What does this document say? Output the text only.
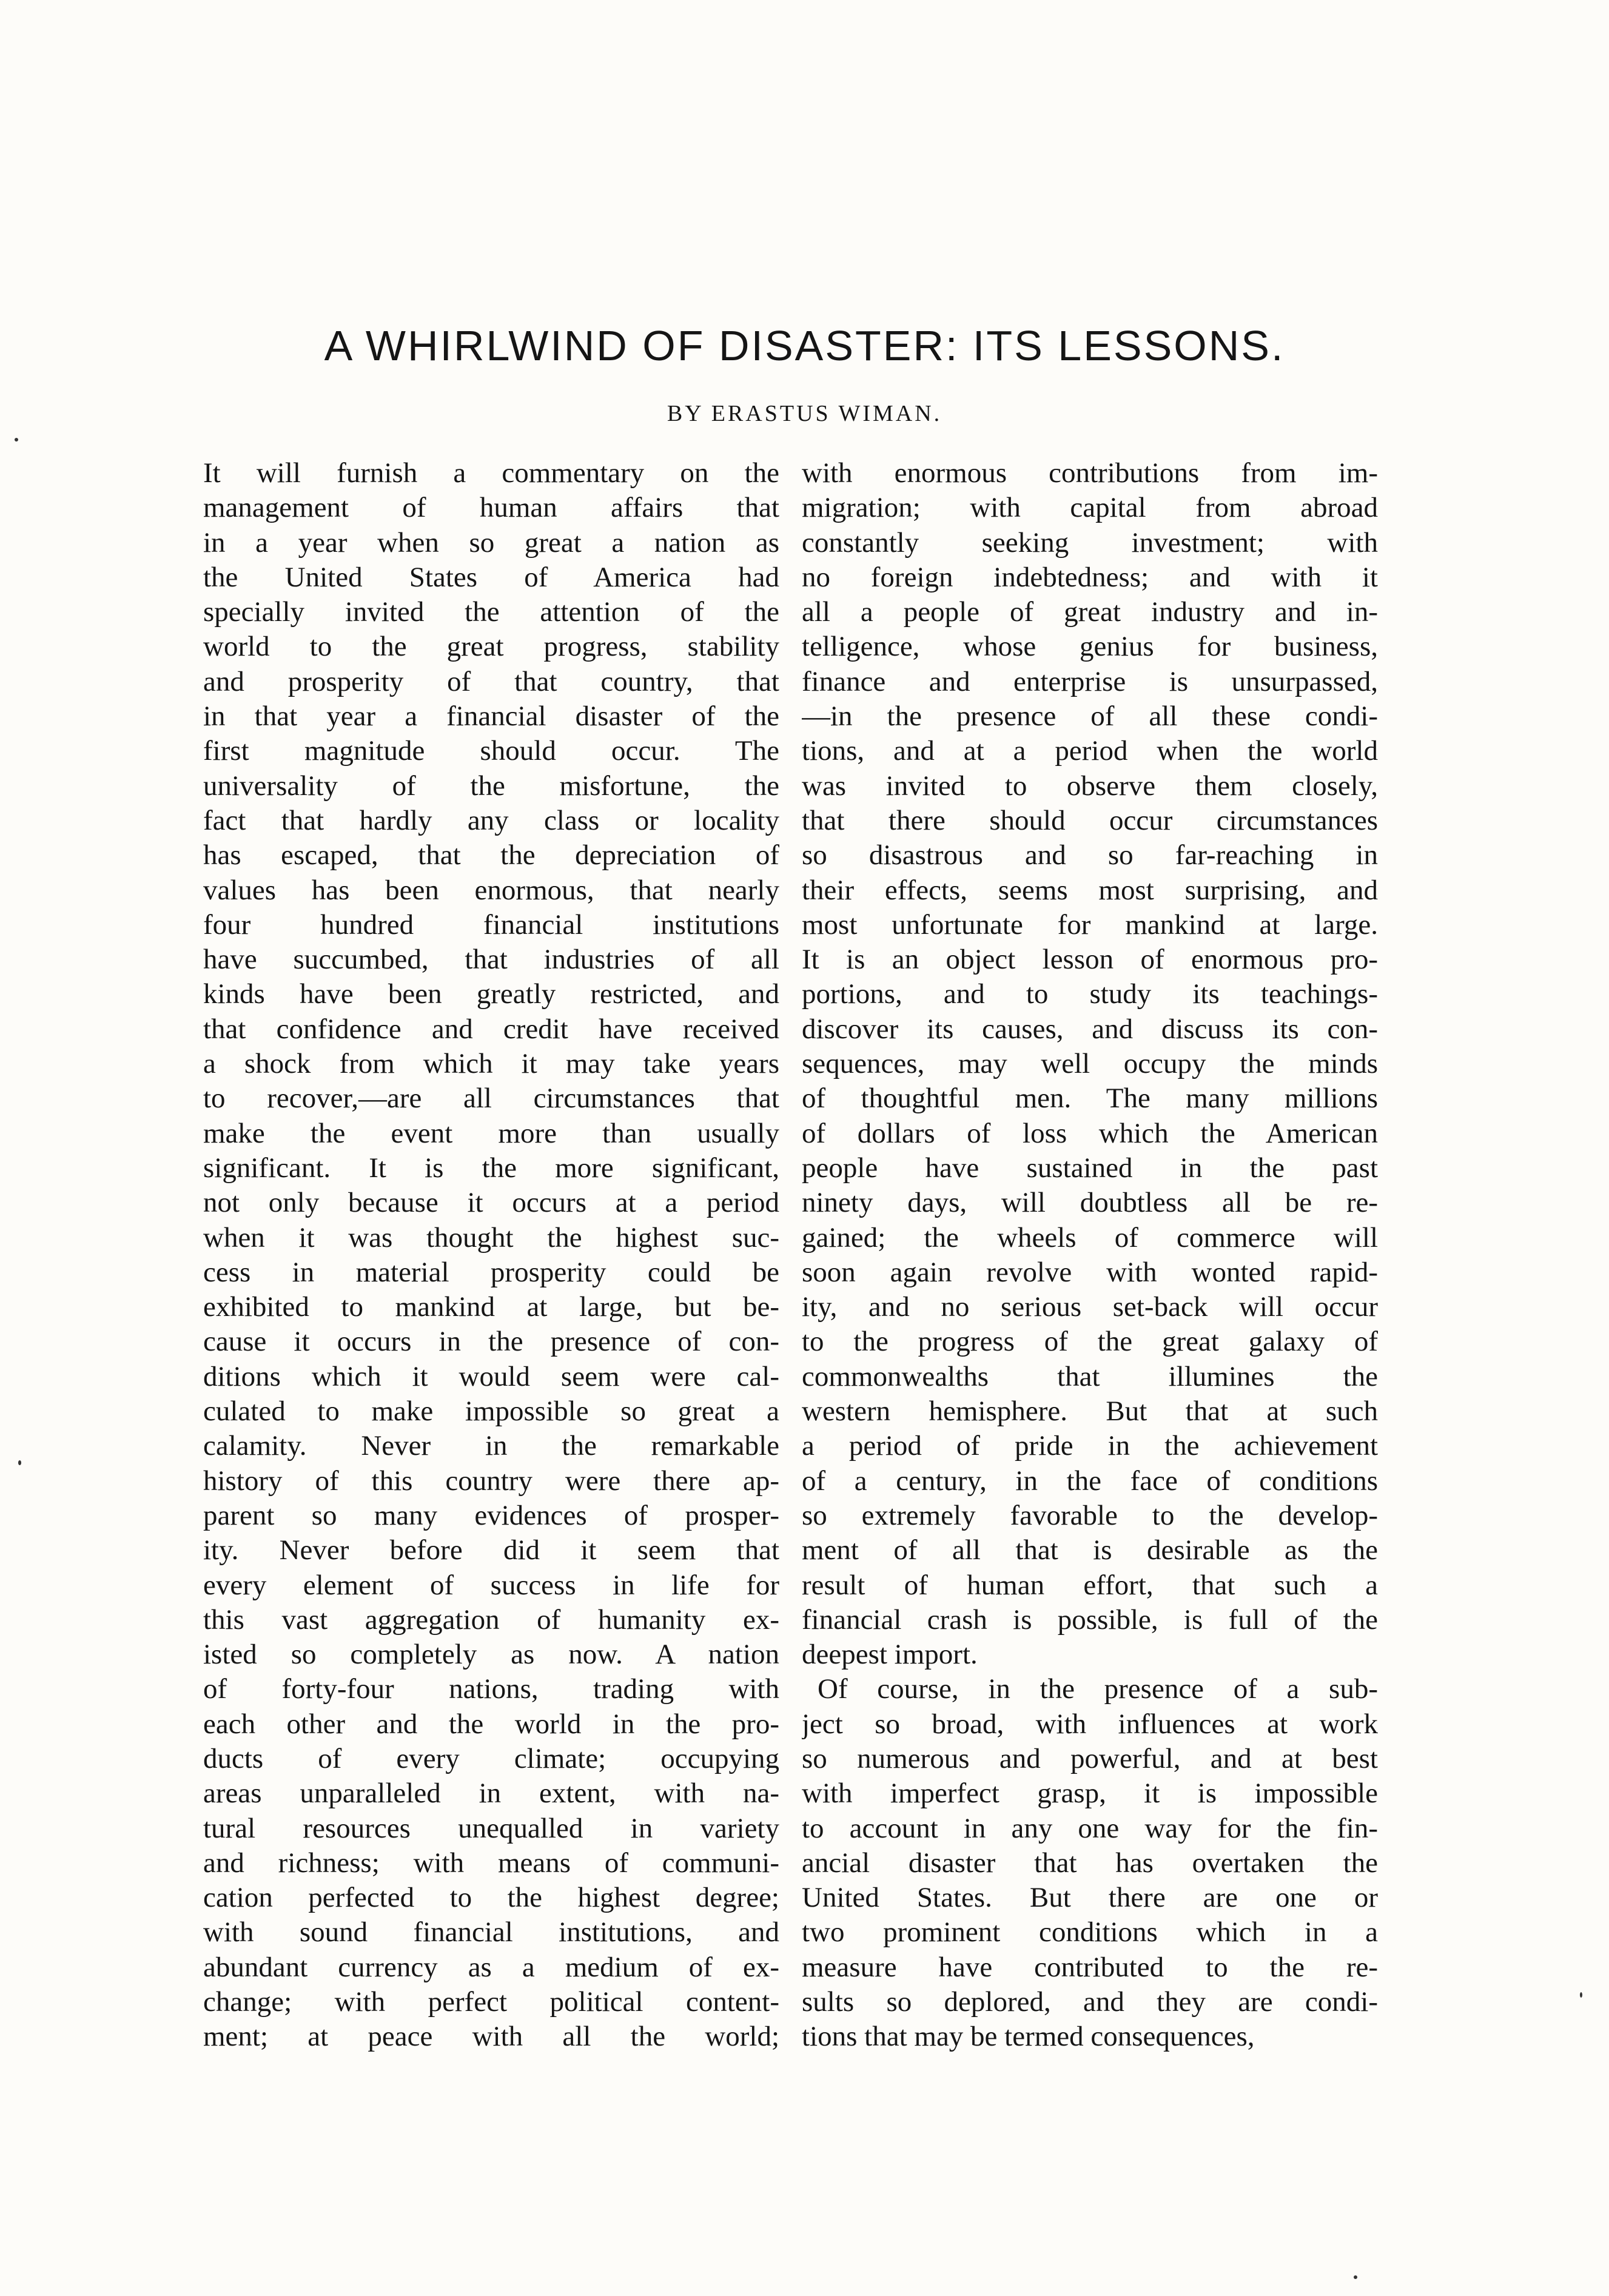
A WHIRLWIND OF DISASTER: ITS LESSONS.

BY ERASTUS WIMAN.

It will furnish a commentary on the
management of human affairs that
in a year when so great a nation as
the United States of America had
specially invited the attention of the
world to the great progress, stability
and prosperity of that country, that
in that year a financial disaster of the
first magnitude should occur. The
universality of the misfortune, the
fact that hardly any class or locality
has escaped, that the depreciation of
values has been enormous, that nearly
four hundred financial institutions
have succumbed, that industries of all
kinds have been greatly restricted, and
that confidence and credit have received
a shock from which it may take years
to recover,—are all circumstances that
make the event more than usually
significant. It is the more significant,
not only because it occurs at a period
when it was thought the highest suc-
cess in material prosperity could be
exhibited to mankind at large, but be-
cause it occurs in the presence of con-
ditions which it would seem were cal-
culated to make impossible so great a
calamity. Never in the remarkable
history of this country were there ap-
parent so many evidences of prosper-
ity. Never before did it seem that
every element of success in life for
this vast aggregation of humanity ex-
isted so completely as now. A nation
of forty-four nations, trading with
each other and the world in the pro-
ducts of every climate; occupying
areas unparalleled in extent, with na-
tural resources unequalled in variety
and richness; with means of communi-
cation perfected to the highest degree;
with sound financial institutions, and
abundant currency as a medium of ex-
change; with perfect political content-
ment; at peace with all the world;
with enormous contributions from im-
migration; with capital from abroad
constantly seeking investment; with
no foreign indebtedness; and with it
all a people of great industry and in-
telligence, whose genius for business,
finance and enterprise is unsurpassed,
—in the presence of all these condi-
tions, and at a period when the world
was invited to observe them closely,
that there should occur circumstances
so disastrous and so far-reaching in
their effects, seems most surprising, and
most unfortunate for mankind at large.
It is an object lesson of enormous pro-
portions, and to study its teachings-
discover its causes, and discuss its con-
sequences, may well occupy the minds
of thoughtful men. The many millions
of dollars of loss which the American
people have sustained in the past
ninety days, will doubtless all be re-
gained; the wheels of commerce will
soon again revolve with wonted rapid-
ity, and no serious set-back will occur
to the progress of the great galaxy of
commonwealths that illumines the
western hemisphere. But that at such
a period of pride in the achievement
of a century, in the face of conditions
so extremely favorable to the develop-
ment of all that is desirable as the
result of human effort, that such a
financial crash is possible, is full of the
deepest import.
Of course, in the presence of a sub-
ject so broad, with influences at work
so numerous and powerful, and at best
with imperfect grasp, it is impossible
to account in any one way for the fin-
ancial disaster that has overtaken the
United States. But there are one or
two prominent conditions which in a
measure have contributed to the re-
sults so deplored, and they are condi-
tions that may be termed consequences,
